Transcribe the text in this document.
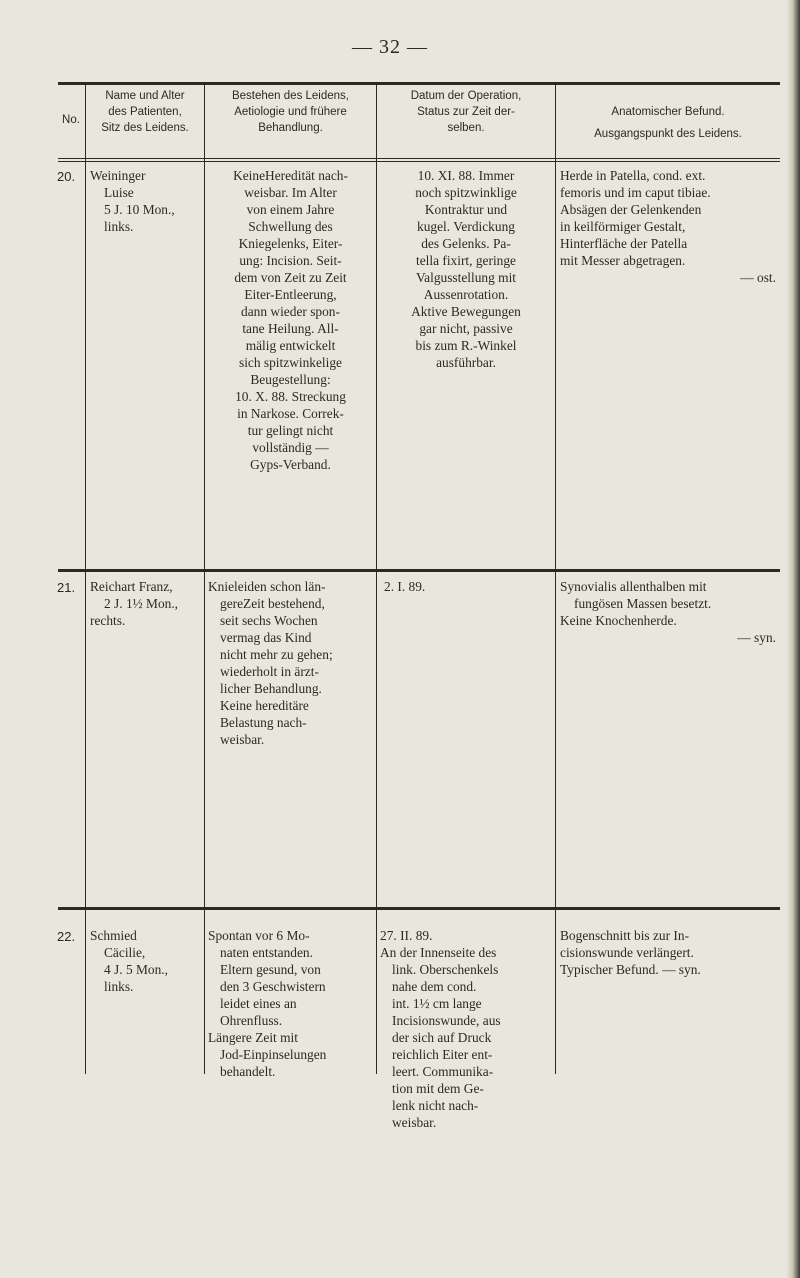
— 32 —
No.
Name und Alter
des Patienten,
Sitz des Leidens.
Bestehen des Leidens,
Aetiologie und frühere
Behandlung.
Datum der Operation,
Status zur Zeit der-
selben.
Anatomischer Befund.
Ausgangspunkt des Leidens.
20. Weininger
Luise
5 J. 10 Mon.,
links.
KeineHeredität nach-
weisbar. Im Alter
von einem Jahre
Schwellung des
Kniegelenks, Eiter-
ung: Incision. Seit-
dem von Zeit zu Zeit
Eiter-Entleerung,
dann wieder spon-
tane Heilung. All-
mälig entwickelt
sich spitzwinkelige
Beugestellung:
10. X. 88. Streckung
in Narkose. Correk-
tur gelingt nicht
vollständig —
Gyps-Verband.
10. XI. 88. Immer
noch spitzwinklige
Kontraktur und
kugel. Verdickung
des Gelenks. Pa-
tella fixirt, geringe
Valgusstellung mit
Aussenrotation.
Aktive Bewegungen
gar nicht, passive
bis zum R.-Winkel
ausführbar.
Herde in Patella, cond. ext.
femoris und im caput tibiae.
Absägen der Gelenkenden
in keilförmiger Gestalt,
Hinterfläche der Patella
mit Messer abgetragen.
— ost.
21. Reichart Franz,
2 J. 1½ Mon.,
rechts.
Knieleiden schon län-
gereZeit bestehend,
seit sechs Wochen
vermag das Kind
nicht mehr zu gehen;
wiederholt in ärzt-
licher Behandlung.
Keine hereditäre
Belastung nach-
weisbar.
2. I. 89.	Synovialis allenthalben mit
fungösen Massen besetzt.
Keine Knochenherde.
— syn.
22. Schmied
Cäcilie,
4 J. 5 Mon.,
links.
Spontan vor 6 Mo-
naten entstanden.
Eltern gesund, von
den 3 Geschwistern
leidet eines an
Ohrenfluss.
Längere Zeit mit
Jod-Einpinselungen
behandelt.
27. II. 89.
An der Innenseite des
link. Oberschenkels
nahe dem cond.
int. 1½ cm lange
Incisionswunde, aus
der sich auf Druck
reichlich Eiter ent-
leert. Communika-
tion mit dem Ge-
lenk nicht nach-
weisbar.
Bogenschnitt bis zur In-
cisionswunde verlängert.
Typischer Befund. — syn.
